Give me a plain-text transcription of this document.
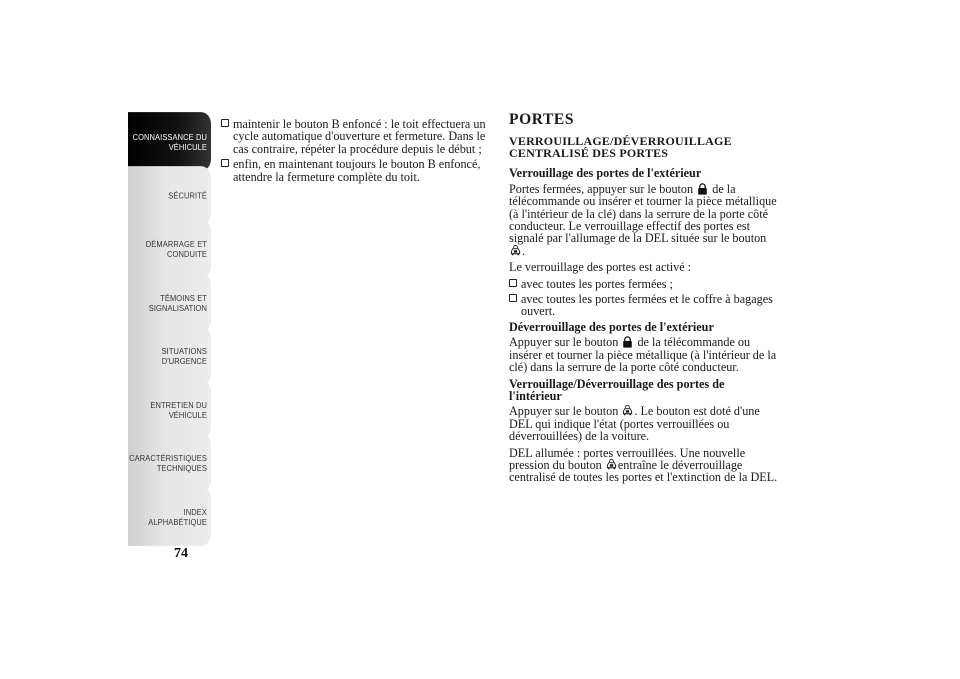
CONNAISSANCE DU
VÉHICULE
SÉCURITÉ
DÉMARRAGE ET
CONDUITE
TÉMOINS ET
SIGNALISATION
SITUATIONS
D'URGENCE
ENTRETIEN DU
VÉHICULE
CARACTÉRISTIQUES
TECHNIQUES
INDEX
ALPHABÉTIQUE
74
maintenir le bouton B enfoncé : le toit effectuera un cycle automatique d'ouverture et fermeture. Dans le cas contraire, répéter la procédure depuis le début ;
enfin, en maintenant toujours le bouton B enfoncé, attendre la fermeture complète du toit.
PORTES
VERROUILLAGE/DÉVERROUILLAGE CENTRALISÉ DES PORTES
Verrouillage des portes de l'extérieur
Portes fermées, appuyer sur le bouton de la télécommande ou insérer et tourner la pièce métallique (à l'intérieur de la clé) dans la serrure de la porte côté conducteur. Le verrouillage effectif des portes est signalé par l'allumage de la DEL située sur le bouton .
Le verrouillage des portes est activé :
avec toutes les portes fermées ;
avec toutes les portes fermées et le coffre à bagages ouvert.
Déverrouillage des portes de l'extérieur
Appuyer sur le bouton de la télécommande ou insérer et tourner la pièce métallique (à l'intérieur de la clé) dans la serrure de la porte côté conducteur.
Verrouillage/Déverrouillage des portes de l'intérieur
Appuyer sur le bouton . Le bouton est doté d'une DEL qui indique l'état (portes verrouillées ou déverrouillées) de la voiture.
DEL allumée : portes verrouillées. Une nouvelle pression du bouton entraîne le déverrouillage centralisé de toutes les portes et l'extinction de la DEL.
